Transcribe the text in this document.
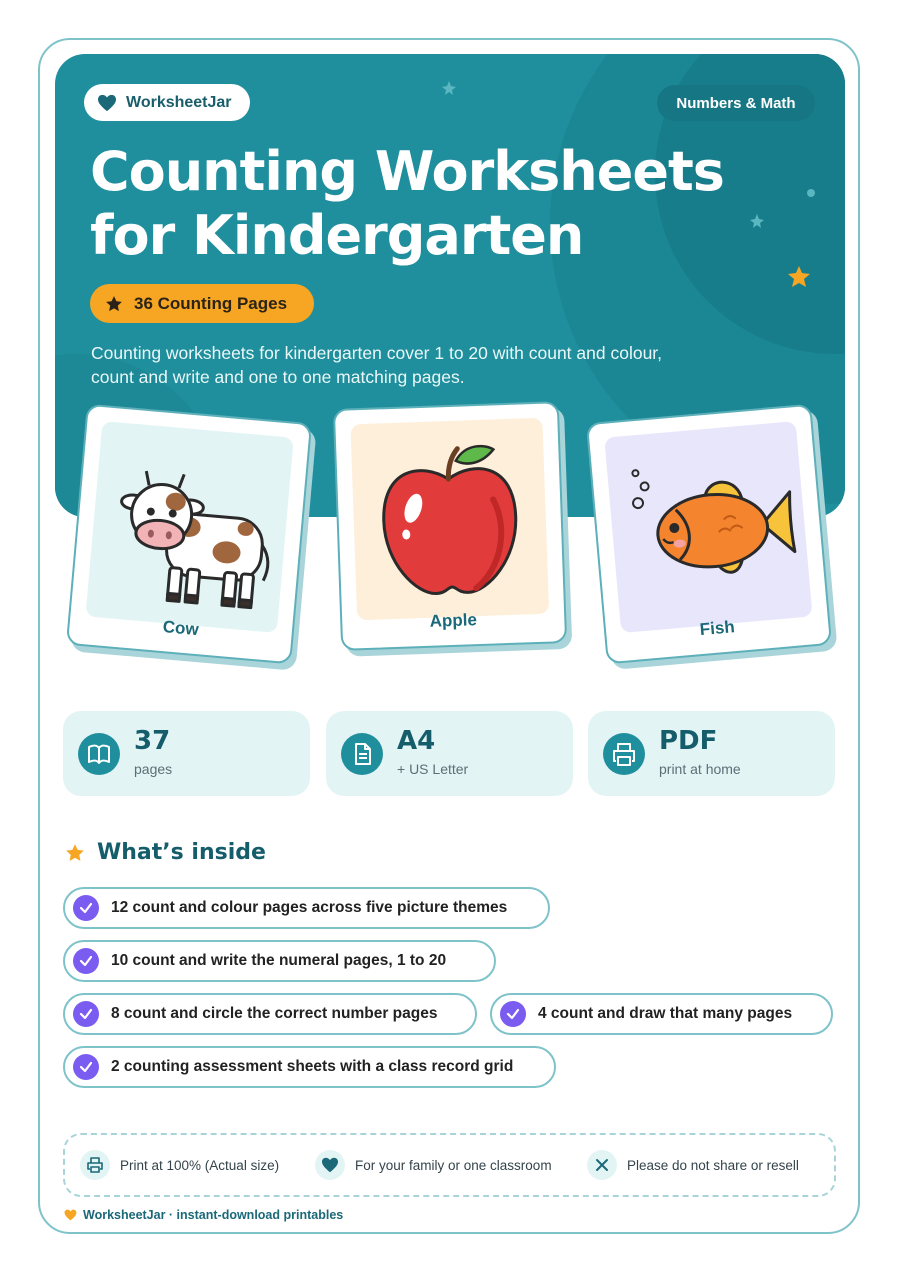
WorksheetJar	Numbers & Math
Counting Worksheets
for Kindergarten
36 Counting Pages

Counting worksheets for kindergarten cover 1 to 20 with count and colour, count and write and one to one matching pages.

Cow	Apple	Fish
37
pages
A4
+ US Letter
PDF
print at home
What’s inside
12 count and colour pages across five picture themes
10 count and write the numeral pages, 1 to 20
8 count and circle the correct number pages	4 count and draw that many pages
2 counting assessment sheets with a class record grid
Print at 100% (Actual size)	For your family or one classroom	Please do not share or resell
WorksheetJar · instant-download printables
